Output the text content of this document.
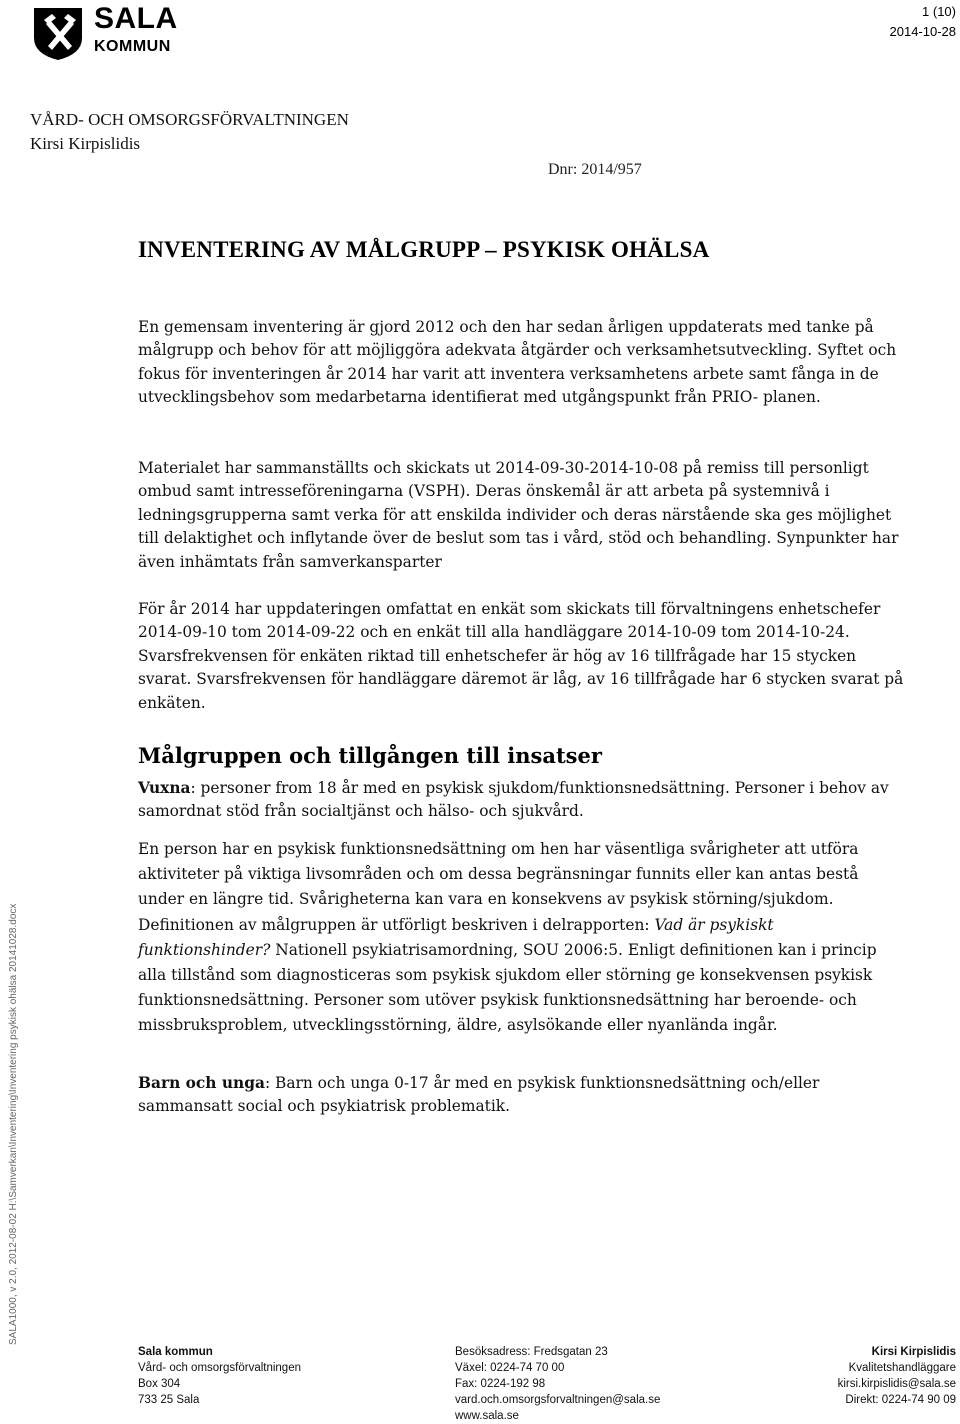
SALA
KOMMUN
1 (10)
2014-10-28
VÅRD- OCH OMSORGSFÖRVALTNINGEN
Kirsi Kirpislidis
Dnr: 2014/957
INVENTERING AV MÅLGRUPP – PSYKISK OHÄLSA

En gemensam inventering är gjord 2012 och den har sedan årligen uppdaterats med tanke på målgrupp och behov för att möjliggöra adekvata åtgärder och verksamhetsutveckling. Syftet och fokus för inventeringen år 2014 har varit att inventera verksamhetens arbete samt fånga in de utvecklingsbehov som medarbetarna identifierat med utgångspunkt från PRIO- planen.

Materialet har sammanställts och skickats ut 2014-09-30-2014-10-08 på remiss till personligt ombud samt intresseföreningarna (VSPH). Deras önskemål är att arbeta på systemnivå i ledningsgrupperna samt verka för att enskilda individer och deras närstående ska ges möjlighet till delaktighet och inflytande över de beslut som tas i vård, stöd och behandling. Synpunkter har även inhämtats från samverkansparter

För år 2014 har uppdateringen omfattat en enkät som skickats till förvaltningens enhetschefer 2014-09-10 tom 2014-09-22 och en enkät till alla handläggare 2014-10-09 tom 2014-10-24. Svarsfrekvensen för enkäten riktad till enhetschefer är hög av 16 tillfrågade har 15 stycken svarat. Svarsfrekvensen för handläggare däremot är låg, av 16 tillfrågade har 6 stycken svarat på enkäten.

Målgruppen och tillgången till insatser

Vuxna: personer from 18 år med en psykisk sjukdom/funktionsnedsättning. Personer i behov av samordnat stöd från socialtjänst och hälso- och sjukvård.

En person har en psykisk funktionsnedsättning om hen har väsentliga svårigheter att utföra aktiviteter på viktiga livsområden och om dessa begränsningar funnits eller kan antas bestå under en längre tid. Svårigheterna kan vara en konsekvens av psykisk störning/sjukdom. Definitionen av målgruppen är utförligt beskriven i delrapporten: Vad är psykiskt funktionshinder? Nationell psykiatrisamordning, SOU 2006:5. Enligt definitionen kan i princip alla tillstånd som diagnosticeras som psykisk sjukdom eller störning ge konsekvensen psykisk funktionsnedsättning. Personer som utöver psykisk funktionsnedsättning har beroende- och missbruksproblem, utvecklingsstörning, äldre, asylsökande eller nyanlända ingår.

Barn och unga: Barn och unga 0-17 år med en psykisk funktionsnedsättning och/eller sammansatt social och psykiatrisk problematik.

SALA1000, v 2.0, 2012-08-02 H:\Samverkan\Inventering\Inventering psykisk ohälsa 20141028.docx
Sala kommun
Vård- och omsorgsförvaltningen
Box 304
733 25 Sala
Besöksadress: Fredsgatan 23
Växel: 0224-74 70 00
Fax: 0224-192 98
vard.och.omsorgsforvaltningen@sala.se
www.sala.se
Kirsi Kirpislidis
Kvalitetshandläggare
kirsi.kirpislidis@sala.se
Direkt: 0224-74 90 09
